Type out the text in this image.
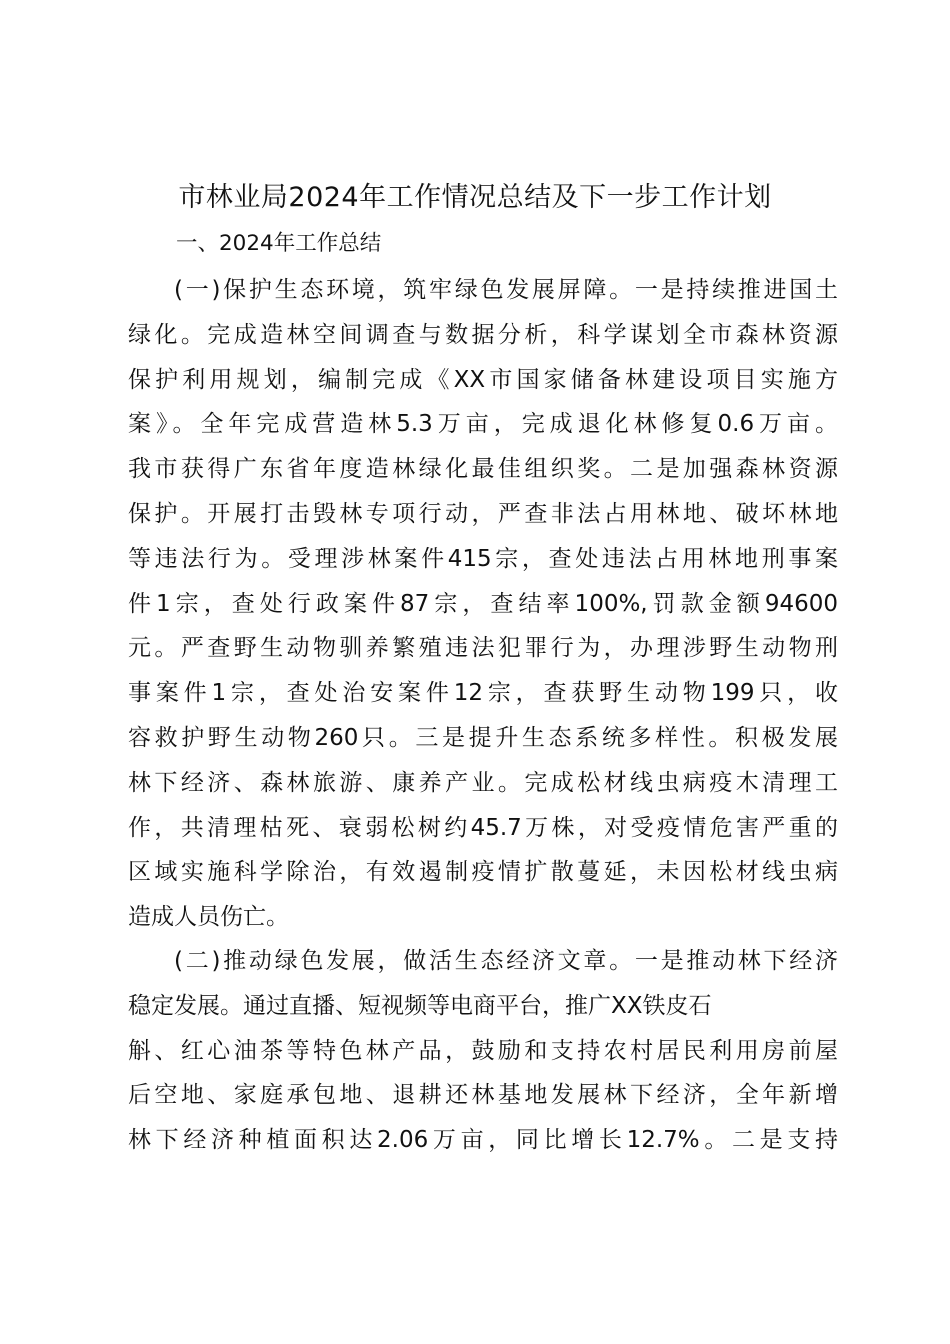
市林业局2024年工作情况总结及下一步工作计划
一、2024年工作总结
(一)保护生态环境，筑牢绿色发展屏障。一是持续推进国土
绿化。完成造林空间调查与数据分析，科学谋划全市森林资源
保护利用规划，编制完成《XX市国家储备林建设项目实施方
案》。全年完成营造林5.3万亩，完成退化林修复0.6万亩。
我市获得广东省年度造林绿化最佳组织奖。二是加强森林资源
保护。开展打击毁林专项行动，严查非法占用林地、破坏林地
等违法行为。受理涉林案件415宗，查处违法占用林地刑事案
件1宗，查处行政案件87宗，查结率100%,罚款金额94600
元。严查野生动物驯养繁殖违法犯罪行为，办理涉野生动物刑
事案件1宗，查处治安案件12宗，查获野生动物199只，收
容救护野生动物260只。三是提升生态系统多样性。积极发展
林下经济、森林旅游、康养产业。完成松材线虫病疫木清理工
作，共清理枯死、衰弱松树约45.7万株，对受疫情危害严重的
区域实施科学除治，有效遏制疫情扩散蔓延，未因松材线虫病
造成人员伤亡。
(二)推动绿色发展，做活生态经济文章。一是推动林下经济
稳定发展。通过直播、短视频等电商平台，推广XX铁皮石
斛、红心油茶等特色林产品，鼓励和支持农村居民利用房前屋
后空地、家庭承包地、退耕还林基地发展林下经济，全年新增
林下经济种植面积达2.06万亩，同比增长12.7%。二是支持
